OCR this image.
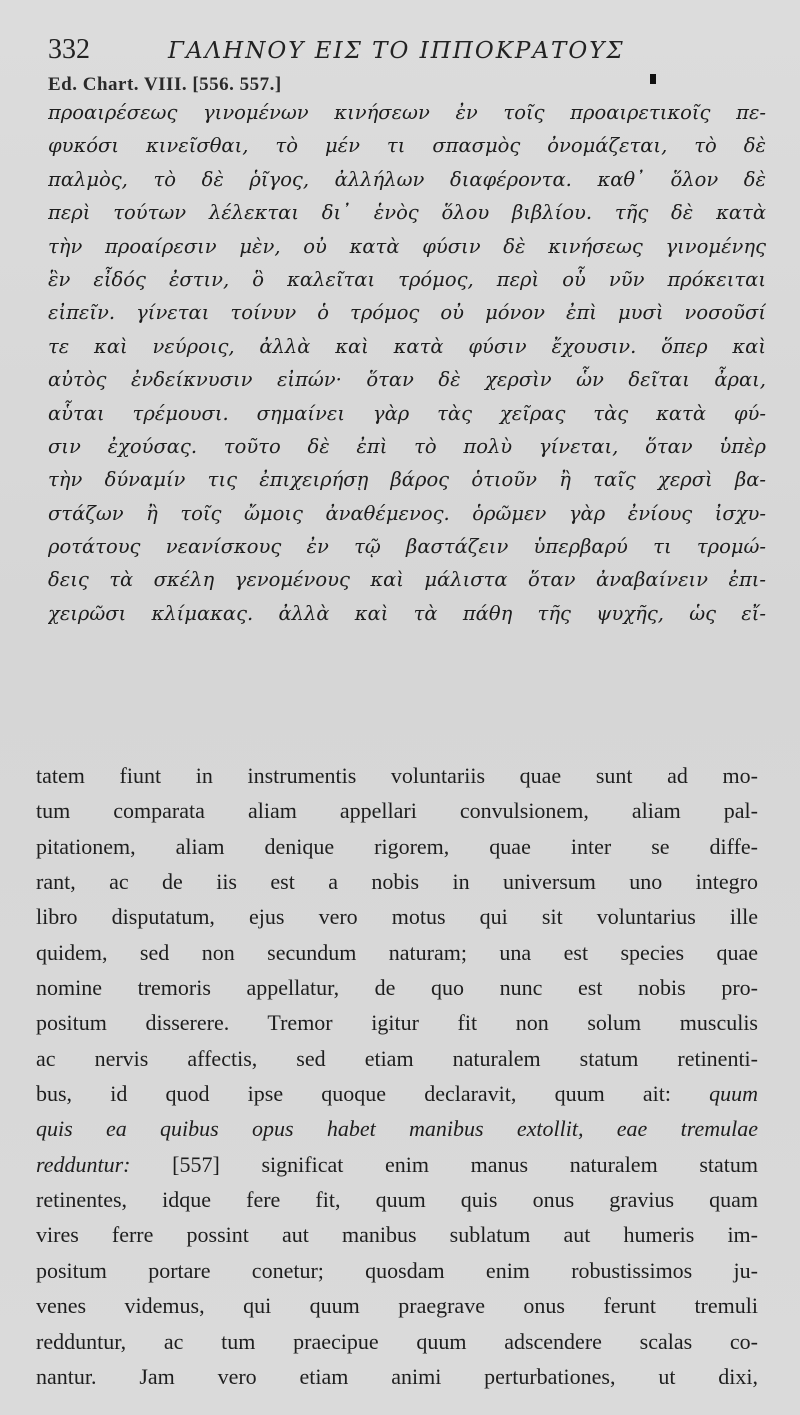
332	ΓΑΛΗΝΟΥ ΕΙΣ ΤΟ ΙΠΠΟΚΡΑΤΟΥΣ
Ed. Chart. VIII. [556. 557.]
προαιρέσεως γινομένων κινήσεων ἐν τοῖς προαιρετικοῖς πε-
φυκόσι κινεῖσθαι, τὸ μέν τι σπασμὸς ὀνομάζεται, τὸ δὲ
παλμὸς, τὸ δὲ ῥῖγος, ἀλλήλων διαφέροντα. καθ᾽ ὅλον δὲ
περὶ τούτων λέλεκται δι᾽ ἑνὸς ὅλου βιβλίου. τῆς δὲ κατὰ
τὴν προαίρεσιν μὲν, οὐ κατὰ φύσιν δὲ κινήσεως γινομένης
ἓν εἶδός ἐστιν, ὃ καλεῖται τρόμος, περὶ οὗ νῦν πρόκειται
εἰπεῖν. γίνεται τοίνυν ὁ τρόμος οὐ μόνον ἐπὶ μυσὶ νοσοῦσί
τε καὶ νεύροις, ἀλλὰ καὶ κατὰ φύσιν ἔχουσιν. ὅπερ καὶ
αὐτὸς ἐνδείκνυσιν εἰπών· ὅταν δὲ χερσὶν ὧν δεῖται ἆραι,
αὗται τρέμουσι. σημαίνει γὰρ τὰς χεῖρας τὰς κατὰ φύ-
σιν ἐχούσας. τοῦτο δὲ ἐπὶ τὸ πολὺ γίνεται, ὅταν ὑπὲρ
τὴν δύναμίν τις ἐπιχειρήσῃ βάρος ὁτιοῦν ἢ ταῖς χερσὶ βα-
στάζων ἢ τοῖς ὤμοις ἀναθέμενος. ὁρῶμεν γὰρ ἐνίους ἰσχυ-
ροτάτους νεανίσκους ἐν τῷ βαστάζειν ὑπερβαρύ τι τρομώ-
δεις τὰ σκέλη γενομένους καὶ μάλιστα ὅταν ἀναβαίνειν ἐπι-
χειρῶσι κλίμακας. ἀλλὰ καὶ τὰ πάθη τῆς ψυχῆς, ὡς εἴ-
tatem fiunt in instrumentis voluntariis quae sunt ad mo-
tum comparata aliam appellari convulsionem, aliam pal-
pitationem, aliam denique rigorem, quae inter se diffe-
rant, ac de iis est a nobis in universum uno integro
libro disputatum, ejus vero motus qui sit voluntarius ille
quidem, sed non secundum naturam; una est species quae
nomine tremoris appellatur, de quo nunc est nobis pro-
positum disserere. Tremor igitur fit non solum musculis
ac nervis affectis, sed etiam naturalem statum retinenti-
bus, id quod ipse quoque declaravit, quum ait: quum
quis ea quibus opus habet manibus extollit, eae tremulae
redduntur: [557] significat enim manus naturalem statum
retinentes, idque fere fit, quum quis onus gravius quam
vires ferre possint aut manibus sublatum aut humeris im-
positum portare conetur; quosdam enim robustissimos ju-
venes videmus, qui quum praegrave onus ferunt tremuli
redduntur, ac tum praecipue quum adscendere scalas co-
nantur. Jam vero etiam animi perturbationes, ut dixi,
